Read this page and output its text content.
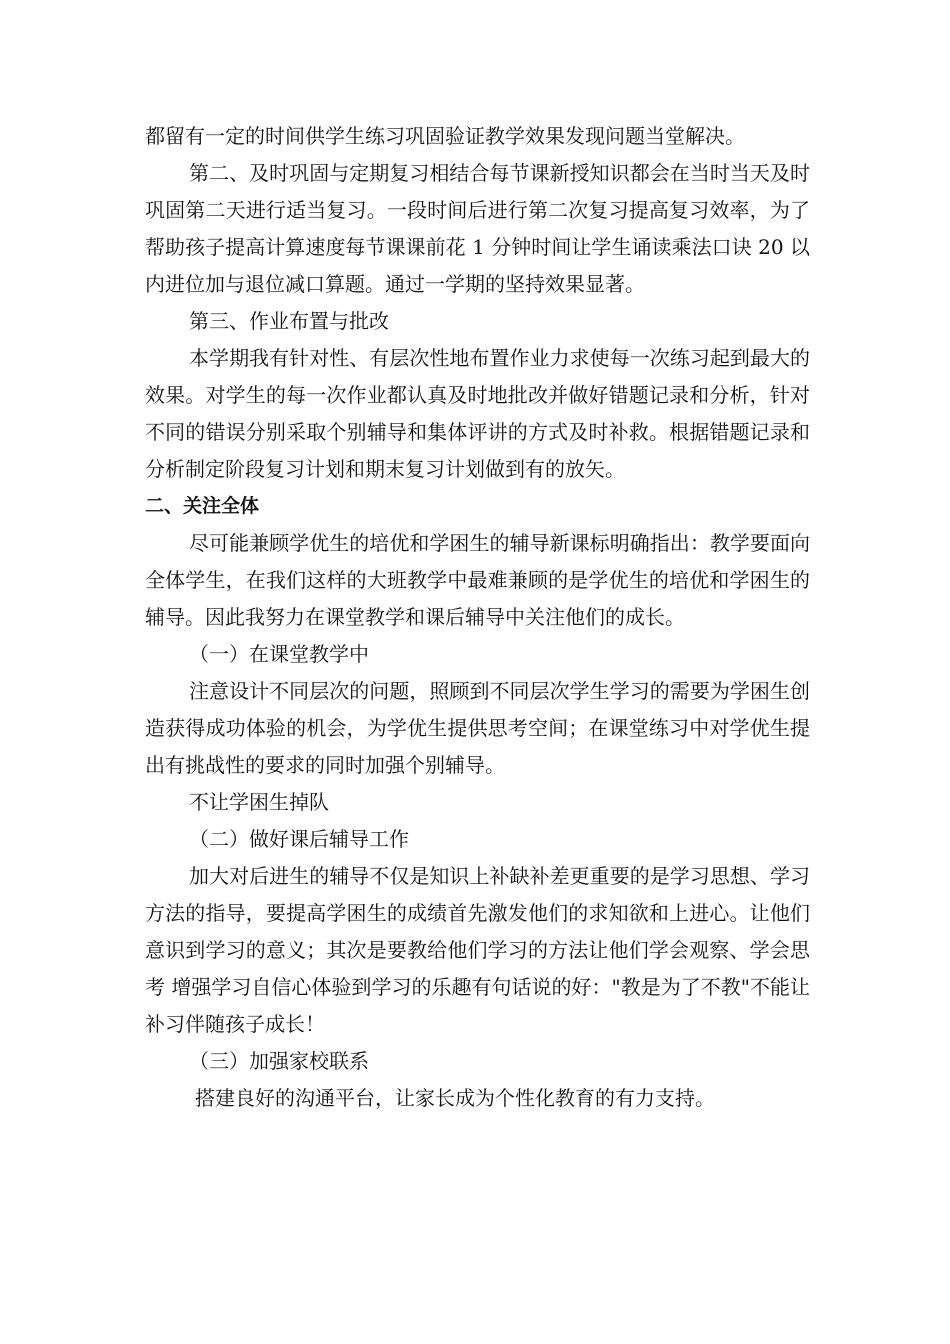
都留有一定的时间供学生练习巩固验证教学效果发现问题当堂解决。

第二、及时巩固与定期复习相结合每节课新授知识都会在当时当天及时巩固第二天进行适当复习。一段时间后进行第二次复习提高复习效率，为了帮助孩子提高计算速度每节课课前花 1 分钟时间让学生诵读乘法口诀 20 以内进位加与退位减口算题。通过一学期的坚持效果显著。

第三、作业布置与批改

本学期我有针对性、有层次性地布置作业力求使每一次练习起到最大的效果。对学生的每一次作业都认真及时地批改并做好错题记录和分析，针对不同的错误分别采取个别辅导和集体评讲的方式及时补救。根据错题记录和分析制定阶段复习计划和期末复习计划做到有的放矢。

二、关注全体

尽可能兼顾学优生的培优和学困生的辅导新课标明确指出：教学要面向全体学生，在我们这样的大班教学中最难兼顾的是学优生的培优和学困生的辅导。因此我努力在课堂教学和课后辅导中关注他们的成长。

（一）在课堂教学中

注意设计不同层次的问题，照顾到不同层次学生学习的需要为学困生创造获得成功体验的机会，为学优生提供思考空间；在课堂练习中对学优生提出有挑战性的要求的同时加强个别辅导。

不让学困生掉队

（二）做好课后辅导工作

加大对后进生的辅导不仅是知识上补缺补差更重要的是学习思想、学习方法的指导，要提高学困生的成绩首先激发他们的求知欲和上进心。让他们意识到学习的意义；其次是要教给他们学习的方法让他们学会观察、学会思考 增强学习自信心体验到学习的乐趣有句话说的好："教是为了不教"不能让补习伴随孩子成长！

（三）加强家校联系

搭建良好的沟通平台，让家长成为个性化教育的有力支持。
